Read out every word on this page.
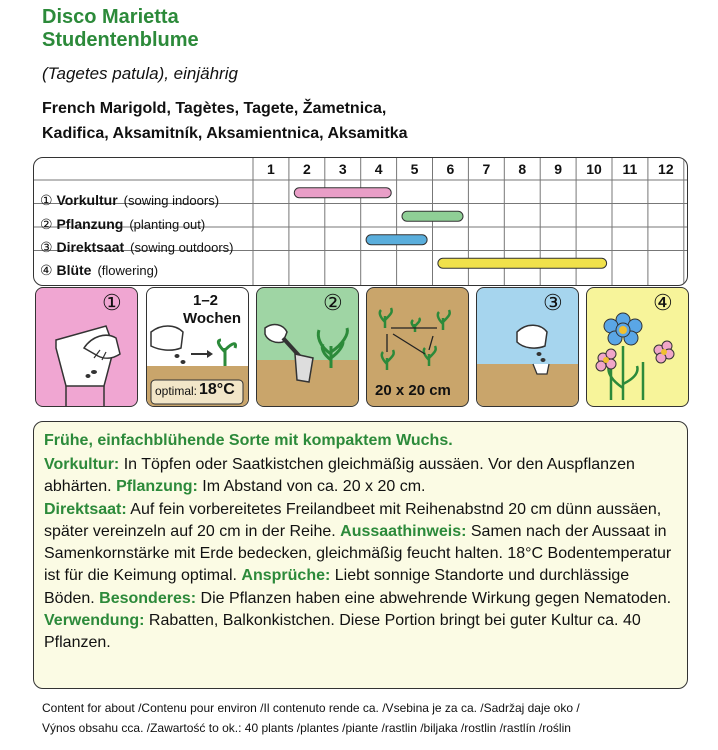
Disco Marietta
Studentenblume
(Tagetes patula), einjährig
French Marigold, Tagètes, Tagete, Žametnica,
Kadifica, Aksamitník, Aksamientnica, Aksamitka
1 2 3 4 5 6 7 8 9 10 11 12
① Vorkultur (sowing indoors)
② Pflanzung (planting out)
③ Direktsaat (sowing outdoors)
④ Blüte (flowering)
①	1–2
Wochen
optimal: 18°C
②
20 x 20 cm
③	④
Frühe, einfachblühende Sorte mit kompaktem Wuchs.
Vorkultur: In Töpfen oder Saatkistchen gleichmäßig aussäen. Vor den Auspflanzen abhärten. Pflanzung: Im Abstand von ca. 20 x 20 cm.
Direktsaat: Auf fein vorbereitetes Freilandbeet mit Reihenabstnd 20 cm dünn aussäen, später vereinzeln auf 20 cm in der Reihe. Aussaathinweis: Samen nach der Aussaat in Samenkornstärke mit Erde bedecken, gleichmäßig feucht halten. 18°C Bodentemperatur ist für die Keimung optimal. Ansprüche: Liebt sonnige Standorte und durchlässige Böden. Besonderes: Die Pflanzen haben eine abwehrende Wirkung gegen Nematoden. Verwendung: Rabatten, Balkonkistchen. Diese Portion bringt bei guter Kultur ca. 40 Pflanzen.
Content for about /Contenu pour environ /Il contenuto rende ca. /Vsebina je za ca. /Sadržaj daje oko /
Výnos obsahu cca. /Zawartość to ok.: 40 plants /plantes /piante /rastlin /biljaka /rostlin /rastlín /roślin
